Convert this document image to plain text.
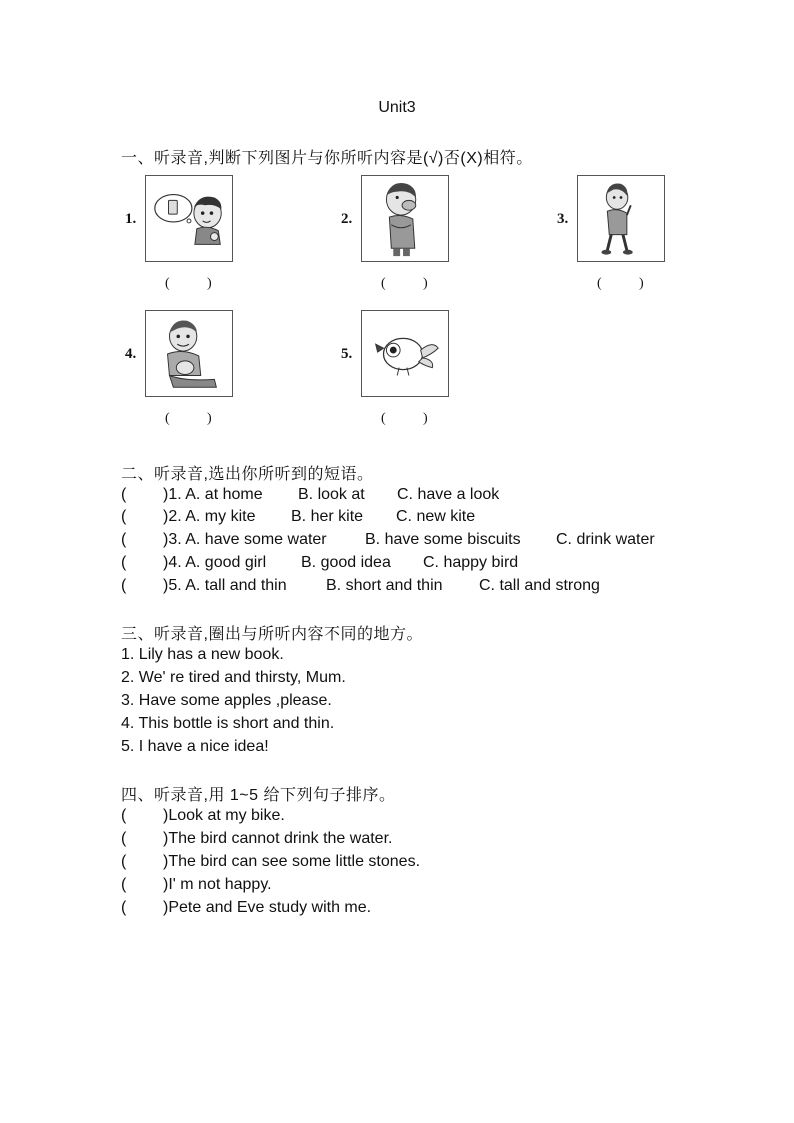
Unit3
一、听录音,判断下列图片与你所听内容是(√)否(X)相符。
1.
(	)
2.
(	)
3.
(	)
4.
(	)
5.
(	)
二、听录音,选出你所听到的短语。
( )1. A. at home B. look at C. have a look
( )2. A. my kite B. her kite C. new kite
( )3. A. have some water B. have some biscuits C. drink water
( )4. A. good girl B. good idea C. happy bird
( )5. A. tall and thin B. short and thin C. tall and strong
三、听录音,圈出与所听内容不同的地方。
1. Lily has a new book.
2. We' re tired and thirsty, Mum.
3. Have some apples ,please.
4. This bottle is short and thin.
5. I have a nice idea!
四、听录音,用 1~5 给下列句子排序。
( )Look at my bike.
( )The bird cannot drink the water.
( )The bird can see some little stones.
( )I' m not happy.
( )Pete and Eve study with me.
